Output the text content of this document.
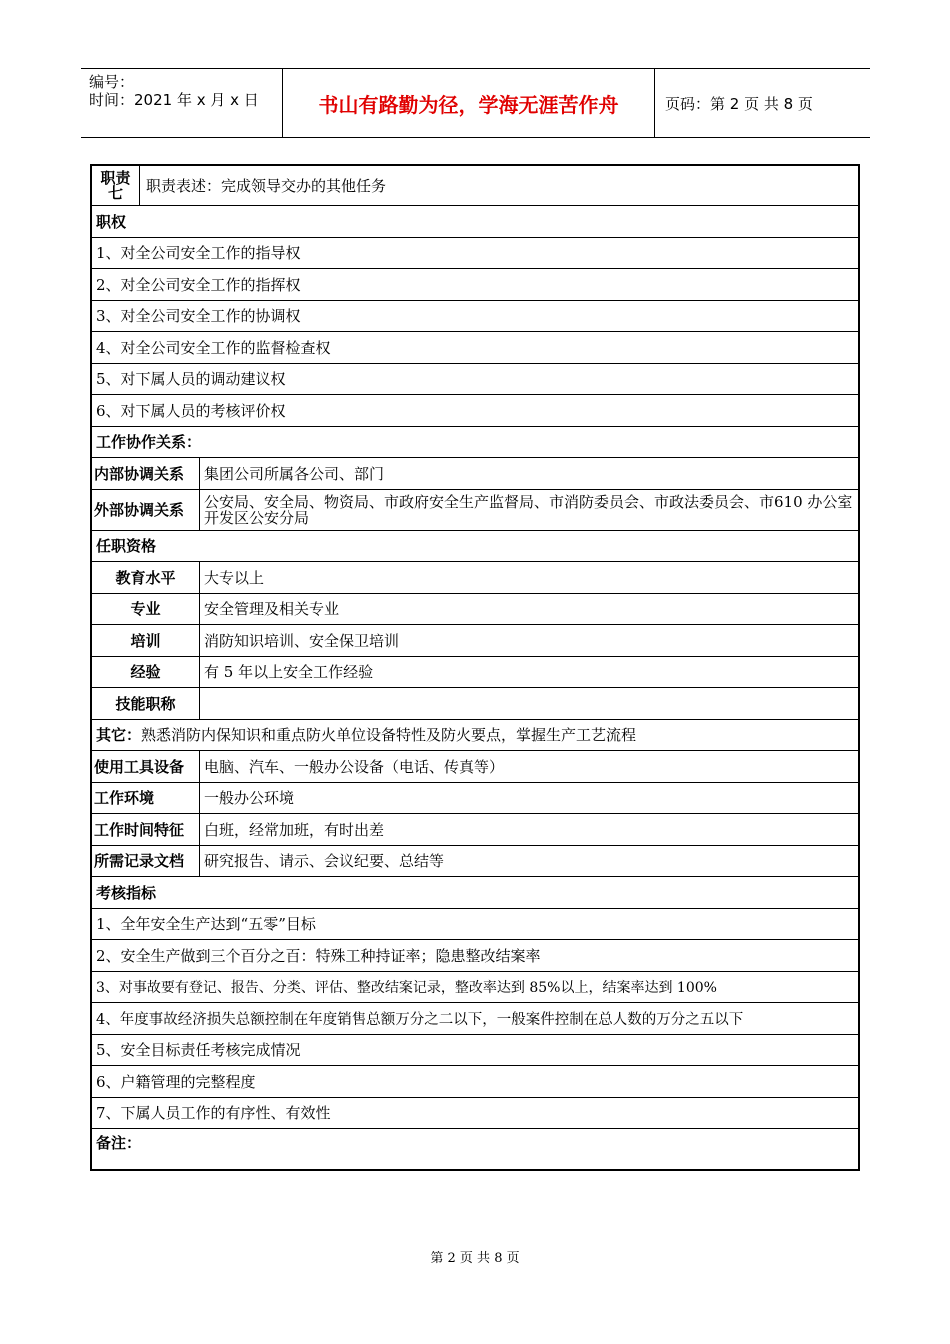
编号：
时间：2021 年 x 月 x 日	书山有路勤为径，学海无涯苦作舟	页码：第 2 页 共 8 页
职责
七	职责表述：完成领导交办的其他任务
职权
1、对全公司安全工作的指导权
2、对全公司安全工作的指挥权
3、对全公司安全工作的协调权
4、对全公司安全工作的监督检查权
5、对下属人员的调动建议权
6、对下属人员的考核评价权
工作协作关系：
内部协调关系	集团公司所属各公司、部门
外部协调关系	公安局、安全局、物资局、市政府安全生产监督局、市消防委员会、市政法委员会、市610 办公室开发区公安分局
任职资格
教育水平	大专以上
专业	安全管理及相关专业
培训	消防知识培训、安全保卫培训
经验	有 5 年以上安全工作经验
技能职称
其它： 熟悉消防内保知识和重点防火单位设备特性及防火要点，掌握生产工艺流程
使用工具设备	电脑、汽车、一般办公设备（电话、传真等）
工作环境	一般办公环境
工作时间特征	白班，经常加班，有时出差
所需记录文档	研究报告、请示、会议纪要、总结等
考核指标
1、全年安全生产达到“五零”目标
2、安全生产做到三个百分之百：特殊工种持证率；隐患整改结案率
3、对事故要有登记、报告、分类、评估、整改结案记录，整改率达到 85%以上，结案率达到 100%
4、年度事故经济损失总额控制在年度销售总额万分之二以下，一般案件控制在总人数的万分之五以下
5、安全目标责任考核完成情况
6、户籍管理的完整程度
7、下属人员工作的有序性、有效性
备注：
第 2 页 共 8 页
